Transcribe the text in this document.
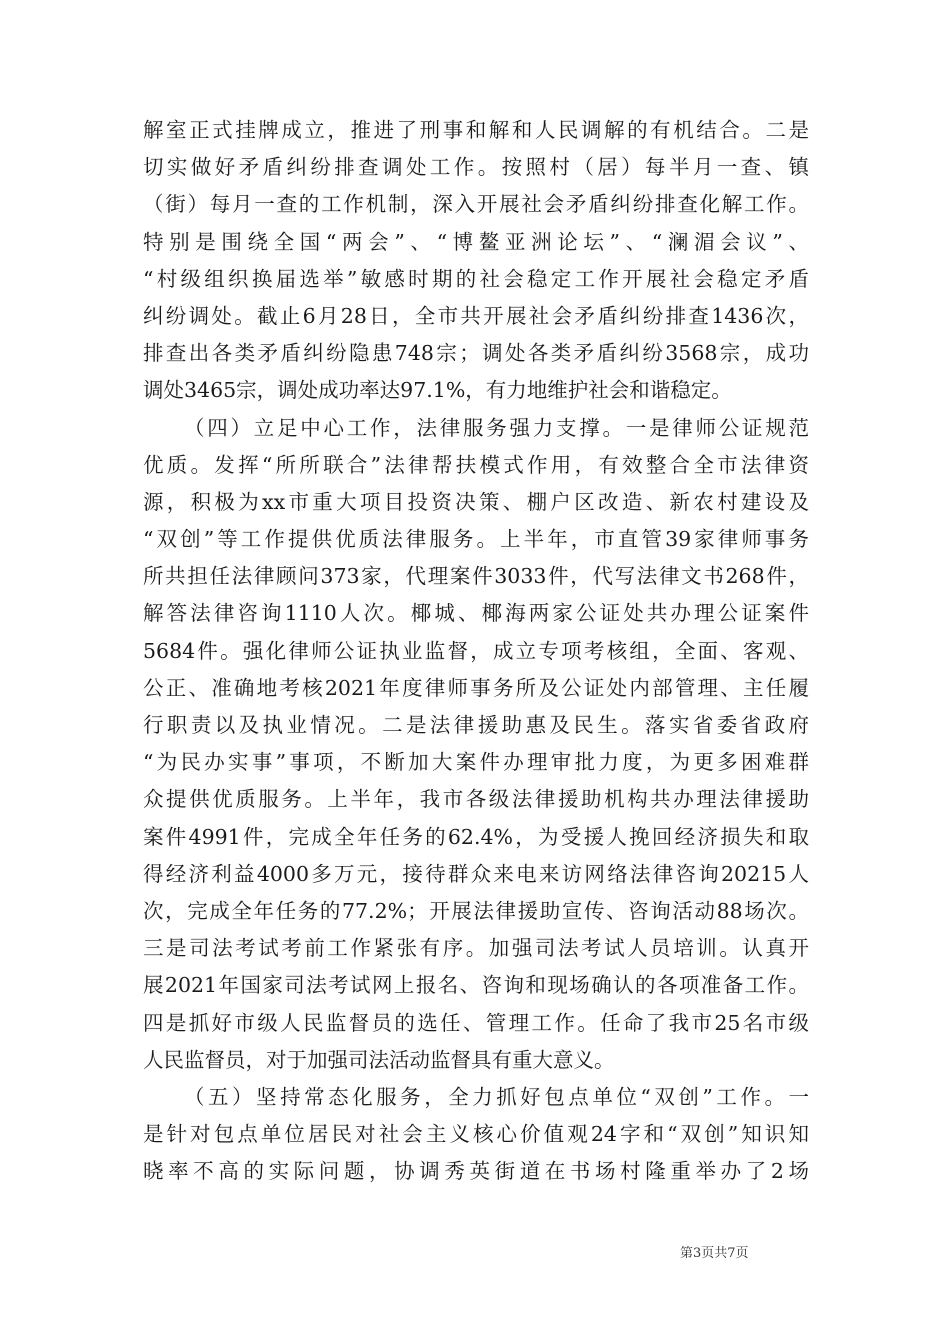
解室正式挂牌成立，推进了刑事和解和人民调解的有机结合。二是
切实做好矛盾纠纷排查调处工作。按照村（居）每半月一查、镇
（街）每月一查的工作机制，深入开展社会矛盾纠纷排查化解工作。
特别是围绕全国“两会”、“博鳌亚洲论坛”、“澜湄会议”、
“村级组织换届选举”敏感时期的社会稳定工作开展社会稳定矛盾
纠纷调处。截止6月28日，全市共开展社会矛盾纠纷排查1436次，
排查出各类矛盾纠纷隐患748宗；调处各类矛盾纠纷3568宗，成功
调处3465宗，调处成功率达97.1%，有力地维护社会和谐稳定。
（四）立足中心工作，法律服务强力支撑。一是律师公证规范
优质。发挥“所所联合”法律帮扶模式作用，有效整合全市法律资
源，积极为xx市重大项目投资决策、棚户区改造、新农村建设及
“双创”等工作提供优质法律服务。上半年，市直管39家律师事务
所共担任法律顾问373家，代理案件3033件，代写法律文书268件，
解答法律咨询1110人次。椰城、椰海两家公证处共办理公证案件
5684件。强化律师公证执业监督，成立专项考核组，全面、客观、
公正、准确地考核2021年度律师事务所及公证处内部管理、主任履
行职责以及执业情况。二是法律援助惠及民生。落实省委省政府
“为民办实事”事项，不断加大案件办理审批力度，为更多困难群
众提供优质服务。上半年，我市各级法律援助机构共办理法律援助
案件4991件，完成全年任务的62.4%，为受援人挽回经济损失和取
得经济利益4000多万元，接待群众来电来访网络法律咨询20215人
次，完成全年任务的77.2%；开展法律援助宣传、咨询活动88场次。
三是司法考试考前工作紧张有序。加强司法考试人员培训。认真开
展2021年国家司法考试网上报名、咨询和现场确认的各项准备工作。
四是抓好市级人民监督员的选任、管理工作。任命了我市25名市级
人民监督员，对于加强司法活动监督具有重大意义。
（五）坚持常态化服务，全力抓好包点单位“双创”工作。一
是针对包点单位居民对社会主义核心价值观24字和“双创”知识知
晓率不高的实际问题，协调秀英街道在书场村隆重举办了2场
第3页共7页
